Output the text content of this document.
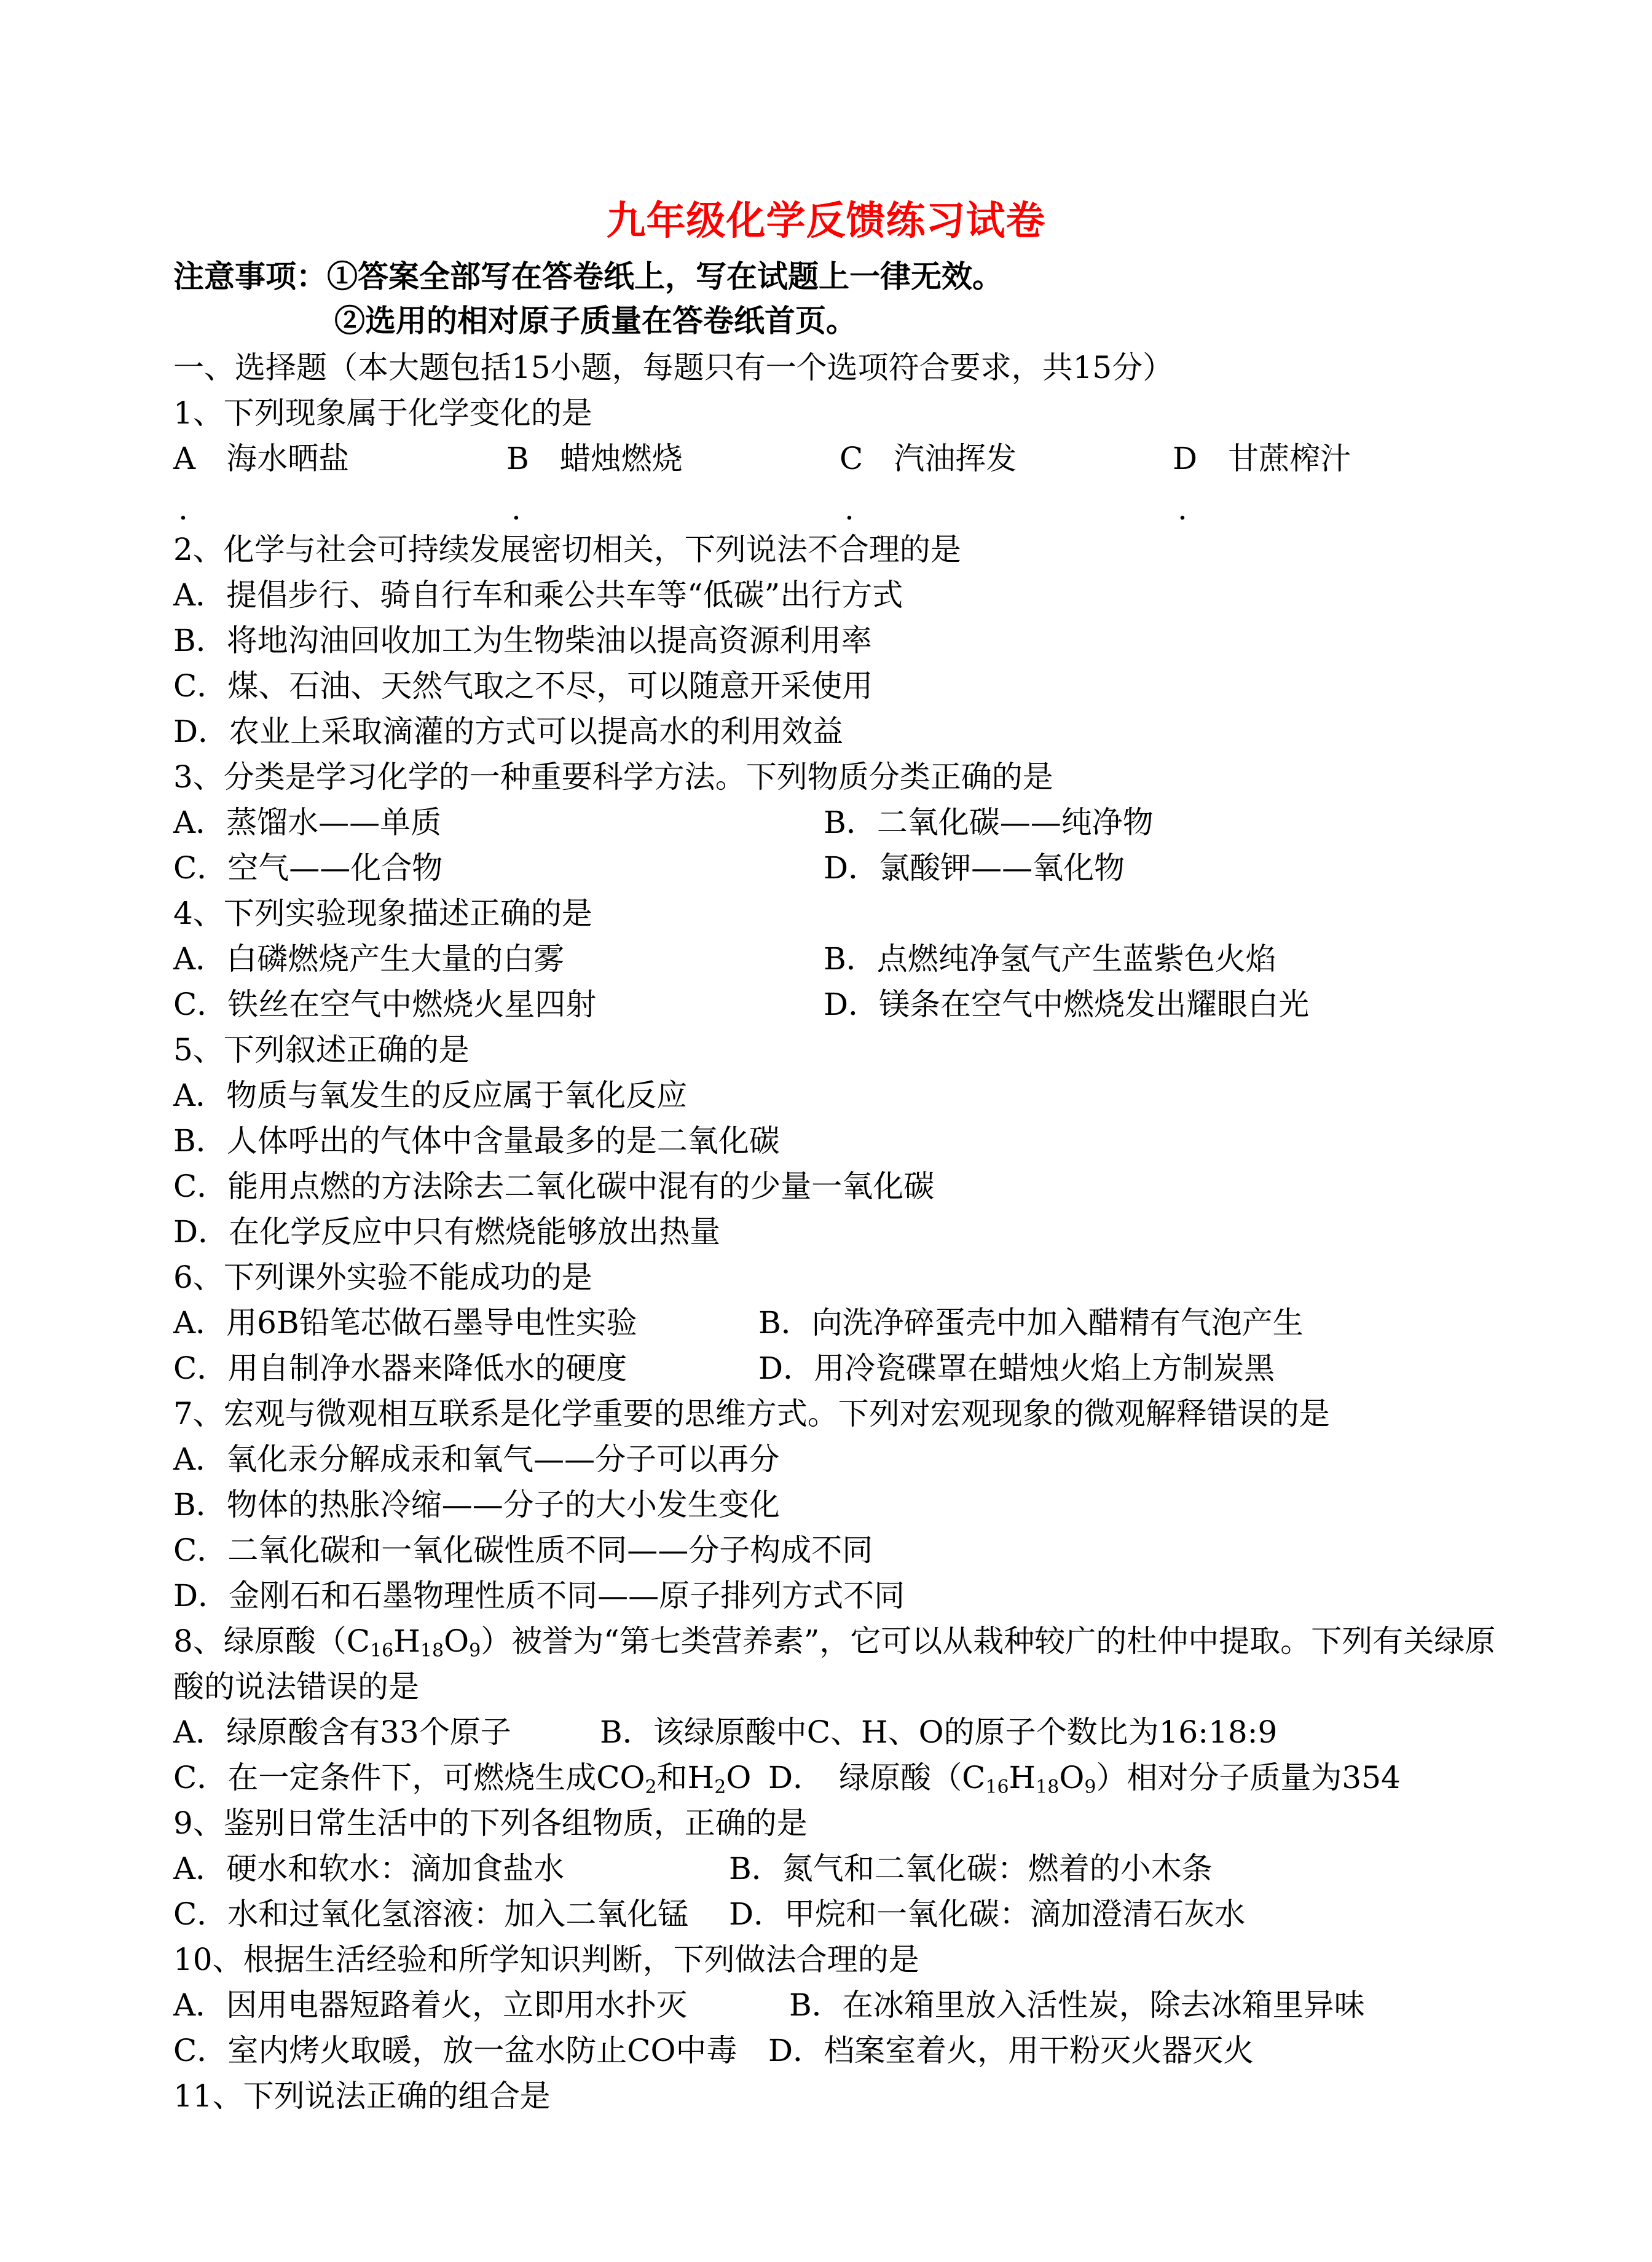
九年级化学反馈练习试卷
注意事项：①答案全部写在答卷纸上，写在试题上一律无效。
②选用的相对原子质量在答卷纸首页。
一、选择题（本大题包括15小题，每题只有一个选项符合要求，共15分）
1、下列现象属于化学变化的是
A　海水晒盐	B　蜡烛燃烧	C　汽油挥发	D　甘蔗榨汁
.	.	.	.
2、化学与社会可持续发展密切相关，下列说法不合理的是
A．提倡步行、骑自行车和乘公共车等“低碳”出行方式
B．将地沟油回收加工为生物柴油以提高资源利用率
C．煤、石油、天然气取之不尽，可以随意开采使用
D．农业上采取滴灌的方式可以提高水的利用效益
3、分类是学习化学的一种重要科学方法。下列物质分类正确的是
A．蒸馏水——单质	B．二氧化碳——纯净物
C．空气——化合物	D．氯酸钾——氧化物
4、下列实验现象描述正确的是
A．白磷燃烧产生大量的白雾	B．点燃纯净氢气产生蓝紫色火焰
C．铁丝在空气中燃烧火星四射	D．镁条在空气中燃烧发出耀眼白光
5、下列叙述正确的是
A．物质与氧发生的反应属于氧化反应
B．人体呼出的气体中含量最多的是二氧化碳
C．能用点燃的方法除去二氧化碳中混有的少量一氧化碳
D．在化学反应中只有燃烧能够放出热量
6、下列课外实验不能成功的是
A．用6B铅笔芯做石墨导电性实验	B．向洗净碎蛋壳中加入醋精有气泡产生
C．用自制净水器来降低水的硬度	D．用冷瓷碟罩在蜡烛火焰上方制炭黑
7、宏观与微观相互联系是化学重要的思维方式。下列对宏观现象的微观解释错误的是
A．氧化汞分解成汞和氧气——分子可以再分
B．物体的热胀冷缩——分子的大小发生变化
C．二氧化碳和一氧化碳性质不同——分子构成不同
D．金刚石和石墨物理性质不同——原子排列方式不同
8、绿原酸$(C_{16}H_{18}O_9)$被誉为“第七类营养素”，它可以从栽种较广的杜仲中提取。下列有关绿原
酸的说法错误的是
A．绿原酸含有33个原子	B．该绿原酸中C、H、O的原子个数比为16:18:9
C．在一定条件下，可燃烧生成$CO_2$和$H_2O$ D．　绿原酸$(C_{16}H_{18}O_9)$相对分子质量为354
9、鉴别日常生活中的下列各组物质，正确的是
A．硬水和软水：滴加食盐水	B．氮气和二氧化碳：燃着的小木条
C．水和过氧化氢溶液：加入二氧化锰 D．甲烷和一氧化碳：滴加澄清石灰水
10、根据生活经验和所学知识判断，下列做法合理的是
A．因用电器短路着火，立即用水扑灭	B．在冰箱里放入活性炭，除去冰箱里异味
C．室内烤火取暖，放一盆水防止CO中毒 D．档案室着火，用干粉灭火器灭火
11、下列说法正确的组合是
